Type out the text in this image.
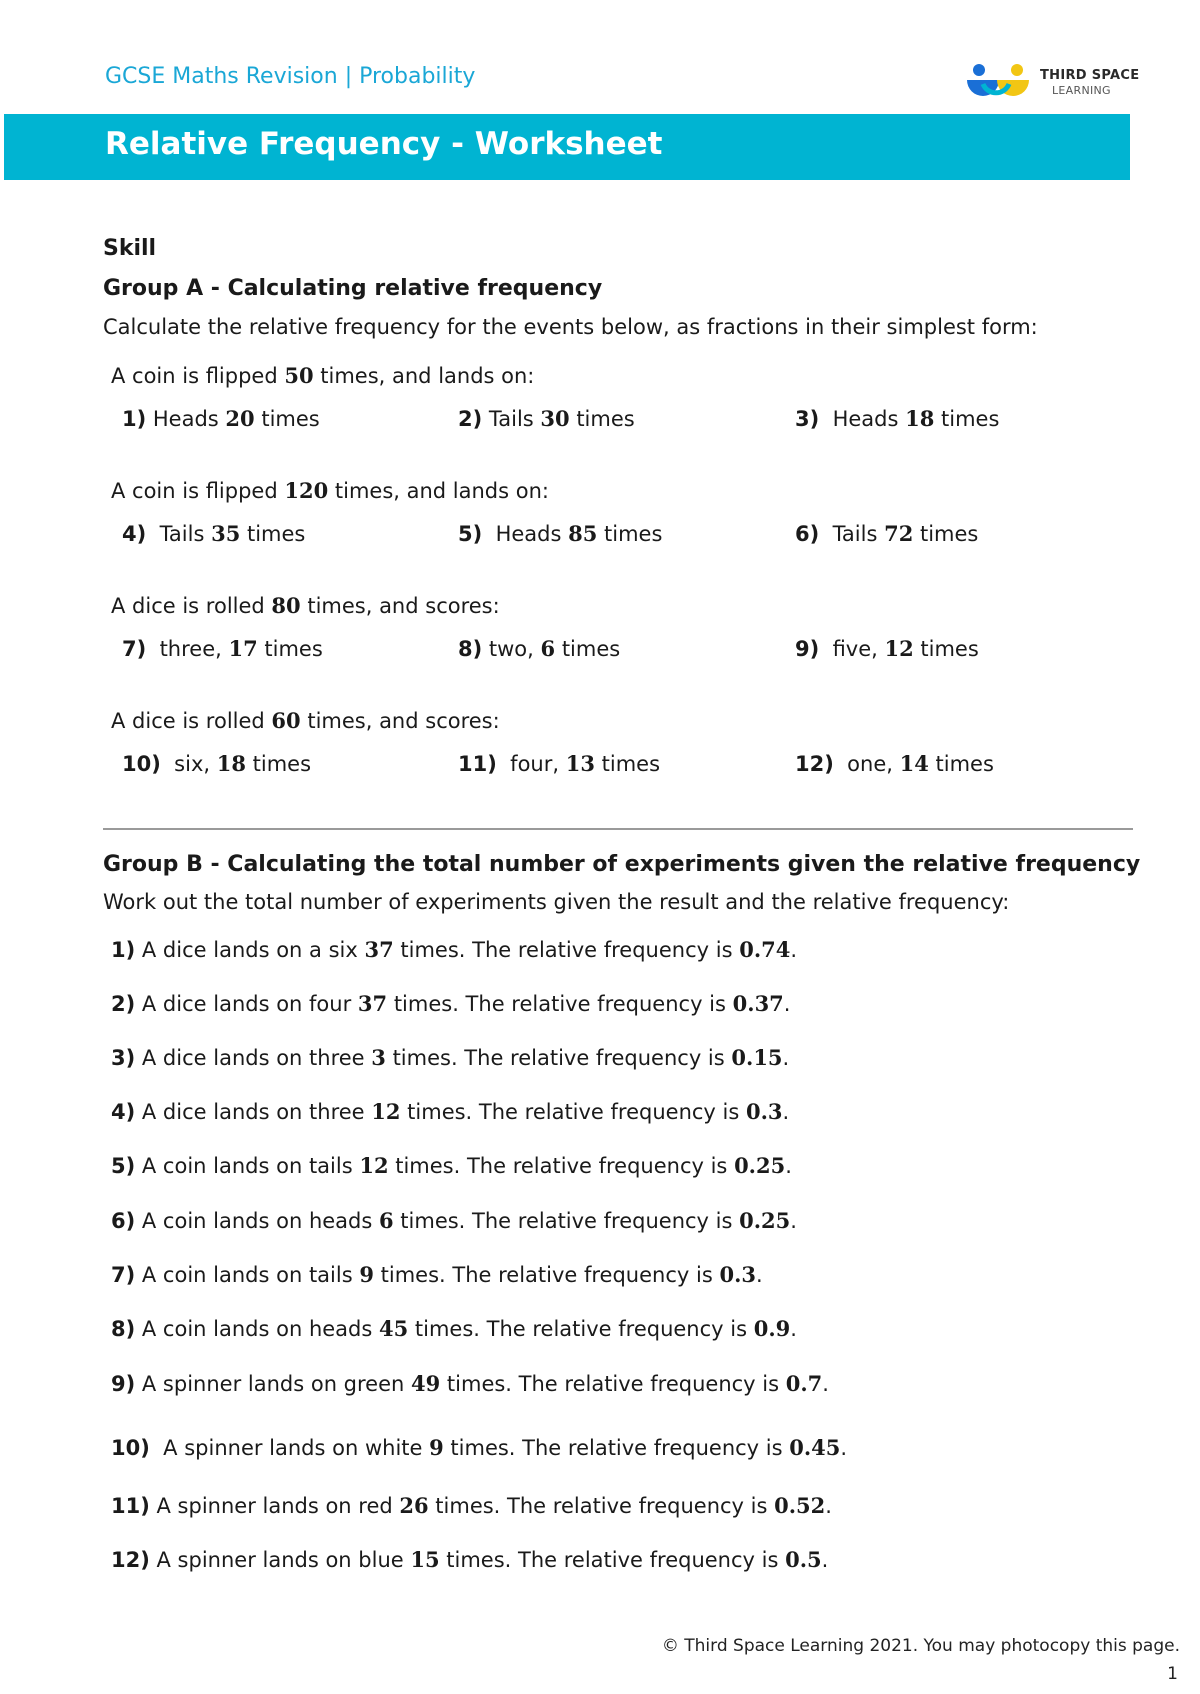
GCSE Maths Revision | Probability	THIRD SPACE
LEARNING
Relative Frequency - Worksheet
Skill
Group A - Calculating relative frequency
Calculate the relative frequency for the events below, as fractions in their simplest form:
A coin is flipped 50 times, and lands on:
1) Heads 20 times	2) Tails 30 times	3)  Heads 18 times
A coin is flipped 120 times, and lands on:
4)  Tails 35 times	5)  Heads 85 times	6)  Tails 72 times
A dice is rolled 80 times, and scores:
7)  three, 17 times	8) two, 6 times	9)  five, 12 times
A dice is rolled 60 times, and scores:
10)  six, 18 times	11)  four, 13 times	12)  one, 14 times
Group B - Calculating the total number of experiments given the relative frequency
Work out the total number of experiments given the result and the relative frequency:
1) A dice lands on a six 37 times. The relative frequency is 0.74.
2) A dice lands on four 37 times. The relative frequency is 0.37.
3) A dice lands on three 3 times. The relative frequency is 0.15.
4) A dice lands on three 12 times. The relative frequency is 0.3.
5) A coin lands on tails 12 times. The relative frequency is 0.25.
6) A coin lands on heads 6 times. The relative frequency is 0.25.
7) A coin lands on tails 9 times. The relative frequency is 0.3.
8) A coin lands on heads 45 times. The relative frequency is 0.9.
9) A spinner lands on green 49 times. The relative frequency is 0.7.
10)  A spinner lands on white 9 times. The relative frequency is 0.45.
11) A spinner lands on red 26 times. The relative frequency is 0.52.
12) A spinner lands on blue 15 times. The relative frequency is 0.5.
© Third Space Learning 2021. You may photocopy this page.
1
